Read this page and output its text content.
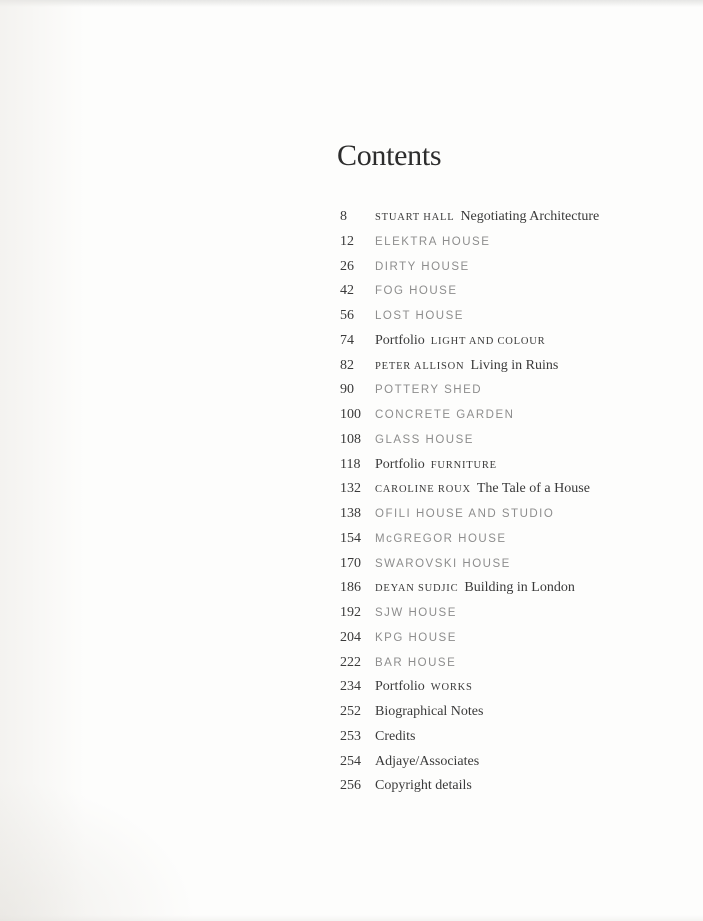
Contents
8	STUART HALL Negotiating Architecture
12	ELEKTRA HOUSE
26	DIRTY HOUSE
42	FOG HOUSE
56	LOST HOUSE
74	Portfolio LIGHT AND COLOUR
82	PETER ALLISON Living in Ruins
90	POTTERY SHED
100	CONCRETE GARDEN
108	GLASS HOUSE
118	Portfolio FURNITURE
132	CAROLINE ROUX The Tale of a House
138	OFILI HOUSE AND STUDIO
154	McGREGOR HOUSE
170	SWAROVSKI HOUSE
186	DEYAN SUDJIC Building in London
192	SJW HOUSE
204	KPG HOUSE
222	BAR HOUSE
234	Portfolio WORKS
252	Biographical Notes
253	Credits
254	Adjaye/Associates
256	Copyright details
